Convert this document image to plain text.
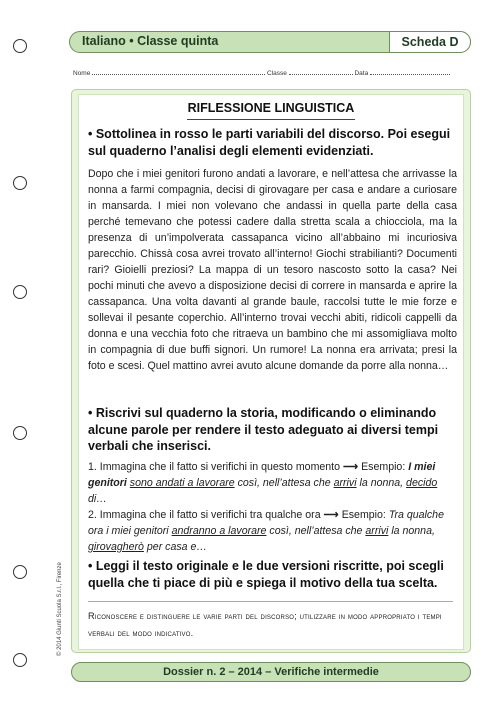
Italiano • Classe quinta	Scheda D
Nome	Classe	Data
RIFLESSIONE LINGUISTICA
• Sottolinea in rosso le parti variabili del discorso. Poi esegui sul quaderno l’analisi degli elementi evidenziati.
Dopo che i miei genitori furono andati a lavorare, e nell’attesa che arrivasse la nonna a farmi compagnia, decisi di girovagare per casa e andare a curiosare in mansarda. I miei non volevano che andassi in quella parte della casa perché temevano che potessi cadere dalla stretta scala a chiocciola, ma la presenza di un’impolverata cassapanca vicino all’abbaino mi incuriosiva parecchio. Chissà cosa avrei trovato all’interno! Giochi strabilianti? Documenti rari? Gioielli preziosi? La mappa di un tesoro nascosto sotto la casa? Nei pochi minuti che avevo a disposizione decisi di correre in mansarda e aprire la cassapanca. Una volta davanti al grande baule, raccolsi tutte le mie forze e sollevai il pesante coperchio. All’interno trovai vecchi abiti, ridicoli cappelli da donna e una vecchia foto che ritraeva un bambino che mi assomigliava molto in compagnia di due buffi signori. Un rumore! La nonna era arrivata; presi la foto e scesi. Quel mattino avrei avuto alcune domande da porre alla nonna…
• Riscrivi sul quaderno la storia, modificando o eliminando alcune parole per rendere il testo adeguato ai diversi tempi verbali che inserisci.
1. Immagina che il fatto si verifichi in questo momento ⟶ Esempio: I miei genitori sono andati a lavorare così, nell’attesa che arrivi la nonna, decido di…
2. Immagina che il fatto si verifichi tra qualche ora ⟶ Esempio: Tra qualche ora i miei genitori andranno a lavorare così, nell’attesa che arrivi la nonna, girovagherò per casa e…
• Leggi il testo originale e le due versioni riscritte, poi scegli quella che ti piace di più e spiega il motivo della tua scelta.
Riconoscere e distinguere le varie parti del discorso; utilizzare in modo appropriato i tempi verbali del modo indicativo.
© 2014 Giunti Scuola S.r.l., Firenze
Dossier n. 2 – 2014 – Verifiche intermedie
